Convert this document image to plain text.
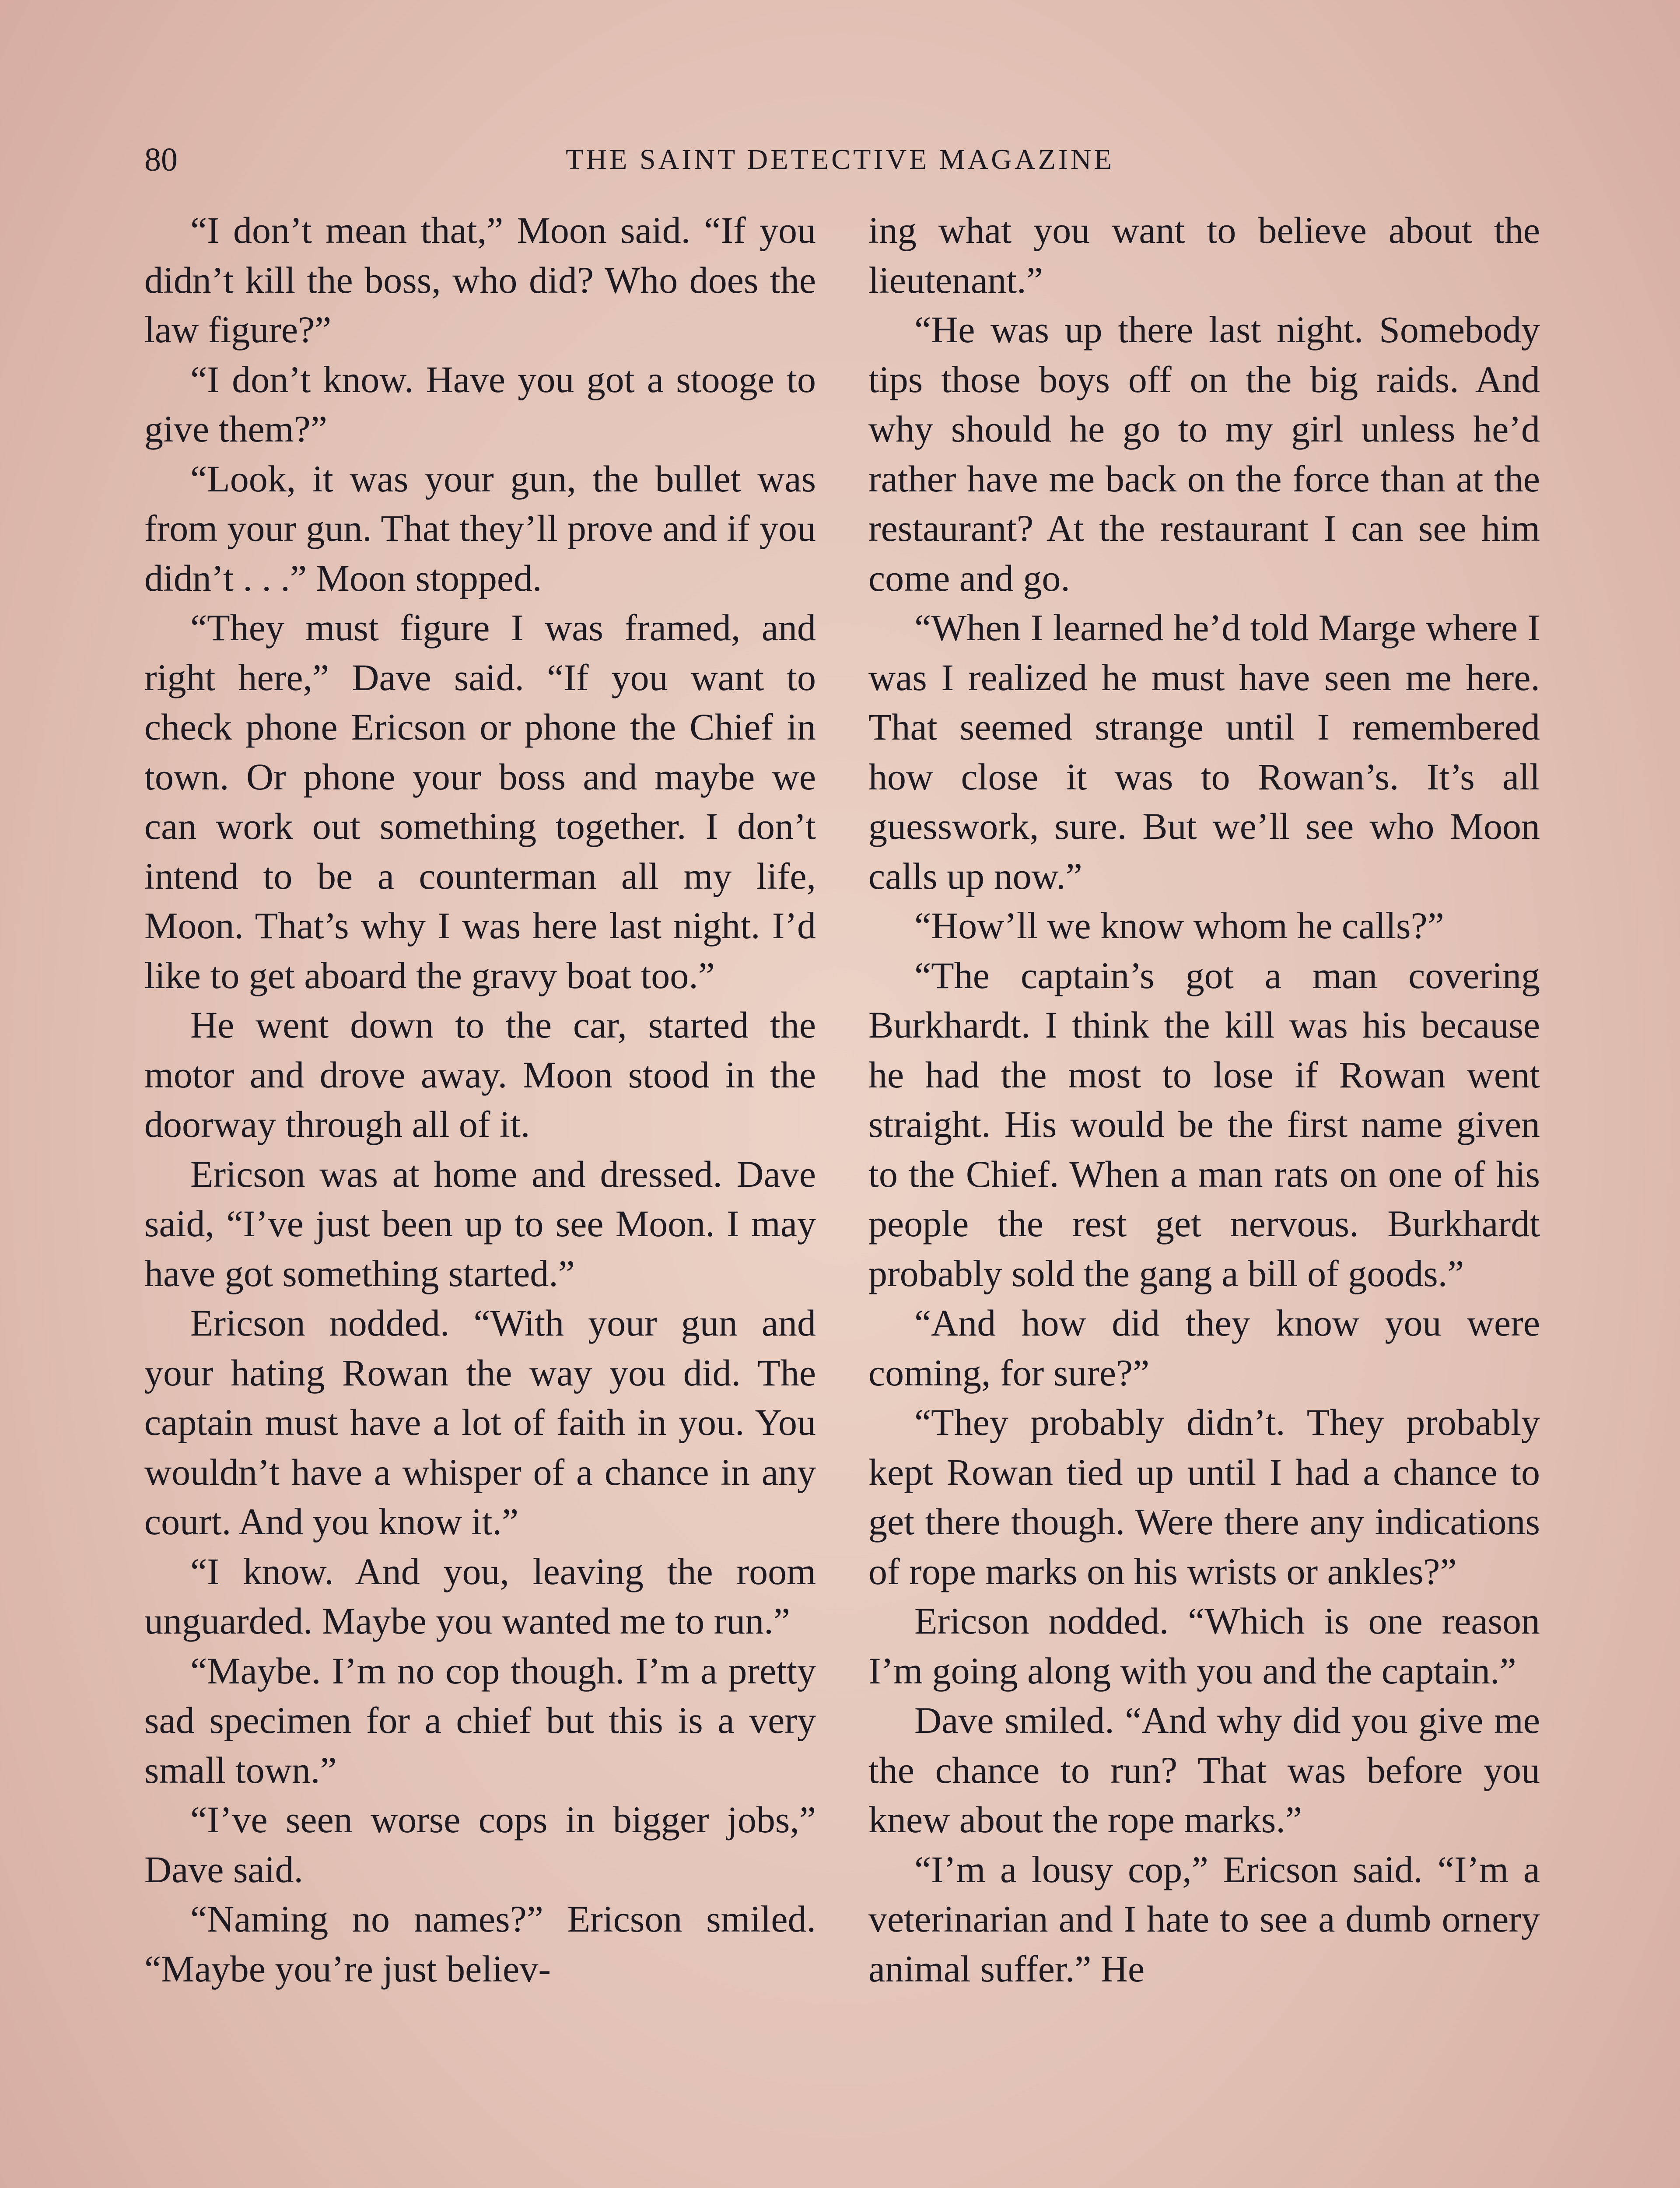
80	THE SAINT DETECTIVE MAGAZINE

“I don’t mean that,” Moon said. “If you didn’t kill the boss, who did? Who does the law figure?”

“I don’t know. Have you got a stooge to give them?”

“Look, it was your gun, the bullet was from your gun. That they’ll prove and if you didn’t . . .” Moon stopped.

“They must figure I was framed, and right here,” Dave said. “If you want to check phone Ericson or phone the Chief in town. Or phone your boss and maybe we can work out something together. I don’t intend to be a counterman all my life, Moon. That’s why I was here last night. I’d like to get aboard the gravy boat too.”

He went down to the car, started the motor and drove away. Moon stood in the doorway through all of it.

Ericson was at home and dressed. Dave said, “I’ve just been up to see Moon. I may have got something started.”

Ericson nodded. “With your gun and your hating Rowan the way you did. The captain must have a lot of faith in you. You wouldn’t have a whisper of a chance in any court. And you know it.”

“I know. And you, leaving the room unguarded. Maybe you wanted me to run.”

“Maybe. I’m no cop though. I’m a pretty sad specimen for a chief but this is a very small town.”

“I’ve seen worse cops in bigger jobs,” Dave said.

“Naming no names?” Ericson smiled. “Maybe you’re just believ-

ing what you want to believe about the lieutenant.”

“He was up there last night. Somebody tips those boys off on the big raids. And why should he go to my girl unless he’d rather have me back on the force than at the restaurant? At the restaurant I can see him come and go.

“When I learned he’d told Marge where I was I realized he must have seen me here. That seemed strange until I remembered how close it was to Rowan’s. It’s all guesswork, sure. But we’ll see who Moon calls up now.”

“How’ll we know whom he calls?”

“The captain’s got a man covering Burkhardt. I think the kill was his because he had the most to lose if Rowan went straight. His would be the first name given to the Chief. When a man rats on one of his people the rest get nervous. Burkhardt probably sold the gang a bill of goods.”

“And how did they know you were coming, for sure?”

“They probably didn’t. They probably kept Rowan tied up until I had a chance to get there though. Were there any indications of rope marks on his wrists or ankles?”

Ericson nodded. “Which is one reason I’m going along with you and the captain.”

Dave smiled. “And why did you give me the chance to run? That was before you knew about the rope marks.”

“I’m a lousy cop,” Ericson said. “I’m a veterinarian and I hate to see a dumb ornery animal suffer.” He
